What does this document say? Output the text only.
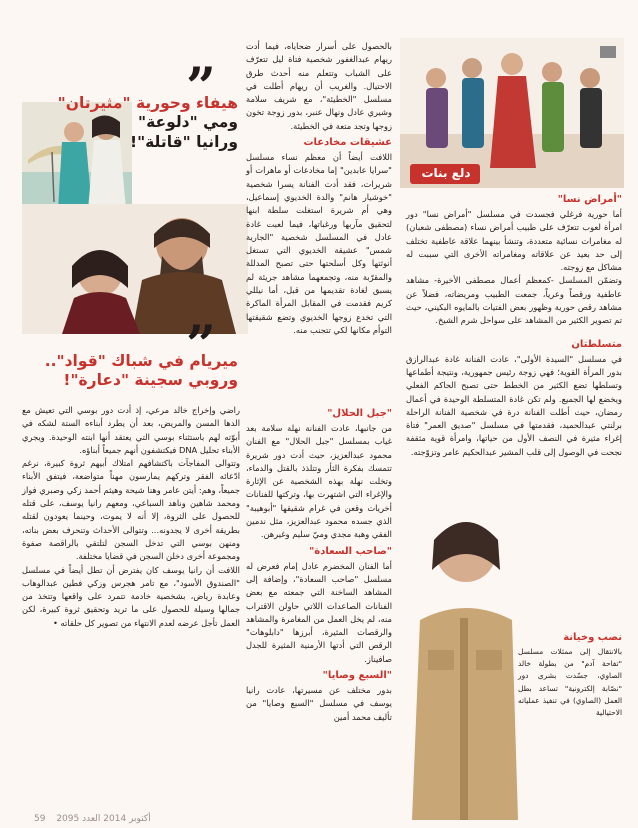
”
هيفاء وحورية "مثيرتان"
ومي "دلوعة"
ورانيا "قاتلة"!
”
ميريام في شباك "قواد"..
وروبي سجينة "دعارة"!
دلع بنات

بالحصول على أسرار ضحاياه، فيما أدت ريهام عبدالغفور شخصية فتاة ليل تتعرّف على الشباب وتتعلم منه أحدث طرق الاحتيال. والغريب أن ريهام أطلت في مسلسل "الخطيئة"، مع شريف سلامة وشيري عادل ونهال عنبر، بدور زوجة تخون زوجها وتجد متعة في الخطيئة.

عشيقات مخادعات

اللافت أيضاً أن معظم نساء مسلسل "سرايا عابدين" إما مخادعات أو ماهرات أو شريرات، فقد أدت الفنانة يسرا شخصية "خوشيار هانم" والدة الخديوي إسماعيل، وهي أم شريرة استغلت سلطة ابنها لتحقيق مآربها ورغباتها، فيما لعبت غادة عادل في المسلسل شخصية "الجارية شمس" عشيقة الخديوي التي تستغل أنوثتها وكل أسلحتها حتى تصبح المدللة والمقرّبة منه، وتجمعهما مشاهد جريئة لم يسبق لغادة تقديمها من قبل، أما نيللي كريم فقدمت في المقابل المرأة الماكرة التي تخدع زوجها الخديوي وتضع شقيقتها التوأم مكانها لكي تتجنب منه.

"أمراض نسا"

أما حورية فرغلي فجسدت في مسلسل "أمراض نسا" دور امرأة لعوب تتعرّف على طبيب أمراض نساء (مصطفى شعبان) له مغامرات نسائية متعددة، وتنشأ بينهما علاقة عاطفية تختلف إلى حد بعيد عن علاقاته ومغامراته الأخرى التي سببت له مشاكل مع زوجته.

وتضمّن المسلسل -كمعظم أعمال مصطفى الأخيرة- مشاهد عاطفية ورقصاً وعرياً، جمعت الطبيب ومريضاته، فضلاً عن مشاهد رقص حورية وظهور بعض الفتيات بالمايوه البكيني، حيث تم تصوير الكثير من المشاهد على سواحل شرم الشيخ.

متسلطتان

في مسلسل "السيدة الأولى"، عادت الفنانة غادة عبدالرازق بدور المرأة القوية؛ فهي زوجة رئيس جمهورية، ونتيجة أطماعها وتسلطها تضع الكثير من الخطط حتى تصبح الحاكم الفعلي ويخضع لها الجميع. ولم تكن غادة المتسلطة الوحيدة في أعمال رمضان، حيث أطلت الفنانة درة في شخصية الفنانة الراحلة برلنتي عبدالحميد، فقدمتها في مسلسل "صديق العمر" فتاة إغراء مثيرة في النصف الأول من حياتها، وامرأة قوية مثقفة نجحت في الوصول إلى قلب المشير عبدالحكيم عامر وتزوّجته.

نصب وخيانة

بالانتقال إلى ممثلات مسلسل "تفاحة آدم" من بطولة خالد الصاوي، جسّدت بشرى دور "نصّابة إلكترونية" تساعد بطل العمل (الصاوي) في تنفيذ عملياته الاحتيالية

"جبل الحلال"

من جانبها، عادت الفنانة نهلة سلامة بعد غياب بمسلسل "جبل الحلال" مع الفنان محمود عبدالعزيز، حيث أدت دور شريرة تتمسك بفكرة الثأر وتتلذذ بالقتل والدماء، وتخلت نهلة بهذه الشخصية عن الإثارة والإغراء التي اشتهرت بها، وتركتها للفنانات أخريات وقعن في غرام شقيقها "أبوهيبة" الذي جسده محمود عبدالعزيز، مثل ندمين الفقي وهبة مجدي وميّ سليم وغيرهن.

"صاحب السعادة"

أما الفنان المخضرم عادل إمام فعرض له مسلسل "صاحب السعادة"، وإضافة إلى المشاهد الساخنة التي جمعته مع بعض الفنانات الصاعدات اللاتي حاولن الاقتراب منه، لم يخل العمل من المغامرة والمشاهد والرقصات المثيرة، أبرزها "دابلوهات" الرقص التي أدتها الأرمنية المثيرة للجدل صافيناز.

"السبع وصايا"

بدور مختلف عن مسيرتها، عادت رانيا يوسف في مسلسل "السبع وصايا" من تأليف محمد أمين

راضي وإخراج خالد مرعي، إذ أدت دور بوسي التي تعيش مع الدها المسن والمريض، بعد أن يطرد أبناءه الستة لشكه في أبوّته لهم باستثناء بوسي التي يعتقد أنها ابنته الوحيدة. ويجري الأبناء تحليل DNA فيكتشفون أنهم جميعاً أبناؤه.

وتتوالى المفاجآت باكتشافهم امتلاك أبيهم ثروة كبيرة، نرغم ادّعائه الفقر وتركهم يمارسون مهناً متواضعة، فيتفق الأبناء جميعاً، وهم: أيتن عامر وهنا شيحة وهيثم أحمد زكي وصبري فواز ومحمد شاهين وناهد السباعي، ومعهم رانيا يوسف، على قتله للحصول على الثروة، إلا أنه لا يموت، وحينما يعودون لقتله بطريقة أخرى لا يجدونه... وتتوالى الأحداث وتنحرف بعض بناته، ومنهن بوسي التي تدخل السجن لتلتقي بالراقصة صفوة ومجموعة أخرى دخلن السجن في قضايا مختلفة.

اللافت أن رانيا يوسف كان يفترض أن تطل أيضاً في مسلسل "الصندوق الأسود"، مع تامر هجرس وزكي فطين عبدالوهاب وعابدة رياض، بشخصية خادمة تتمرد على واقعها وتتخذ من جمالها وسيلة للحصول على ما تريد وتحقيق ثروة كبيرة، لكن العمل تأجل عرضه لعدم الانتهاء من تصوير كل حلقاته •

أكتوبر 2014 العدد 2095 59
